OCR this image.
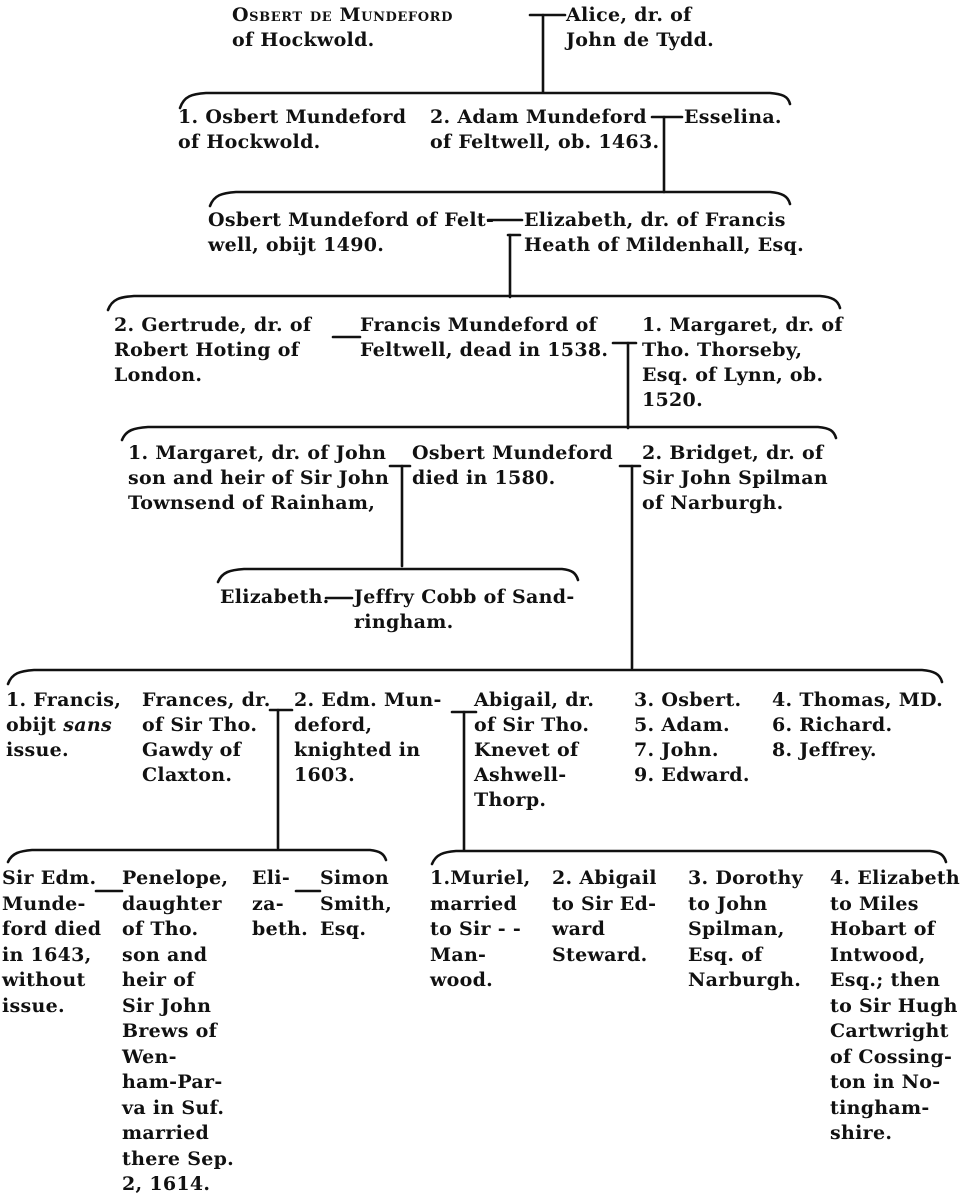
Osbert de Mundeford
of Hockwold.
Alice, dr. of
John de Tydd.
1. Osbert Mundeford
of Hockwold.
2. Adam Mundeford
of Feltwell, ob. 1463.
Esselina.
Osbert Mundeford of Felt-
well, obijt 1490.
Elizabeth, dr. of Francis
Heath of Mildenhall, Esq.
2. Gertrude, dr. of
Robert Hoting of
London.
Francis Mundeford of
Feltwell, dead in 1538.
1. Margaret, dr. of
Tho. Thorseby,
Esq. of Lynn, ob.
1520.
1. Margaret, dr. of John
son and heir of Sir John
Townsend of Rainham,
Osbert Mundeford
died in 1580.
2. Bridget, dr. of
Sir John Spilman
of Narburgh.
Elizabeth. Jeffry Cobb of Sand-
ringham.
1. Francis,
obijt sans
issue.
Frances, dr.
of Sir Tho.
Gawdy of
Claxton.
2. Edm. Mun-
deford,
knighted in
1603.
Abigail, dr.
of Sir Tho.
Knevet of
Ashwell-
Thorp.
3. Osbert.
5. Adam.
7. John.
9. Edward.
4. Thomas, MD.
6. Richard.
8. Jeffrey.
Sir Edm.
Munde-
ford died
in 1643,
without
issue.
Penelope,
daughter
of Tho.
son and
heir of
Sir John
Brews of
Wen-
ham-Par-
va in Suf.
married
there Sep.
2, 1614.
Eli-
za-
beth.
Simon
Smith,
Esq.
1.Muriel,
married
to Sir - -
Man-
wood.
2. Abigail
to Sir Ed-
ward
Steward.
3. Dorothy
to John
Spilman,
Esq. of
Narburgh.
4. Elizabeth
to Miles
Hobart of
Intwood,
Esq.; then
to Sir Hugh
Cartwright
of Cossing-
ton in No-
tingham-
shire.
